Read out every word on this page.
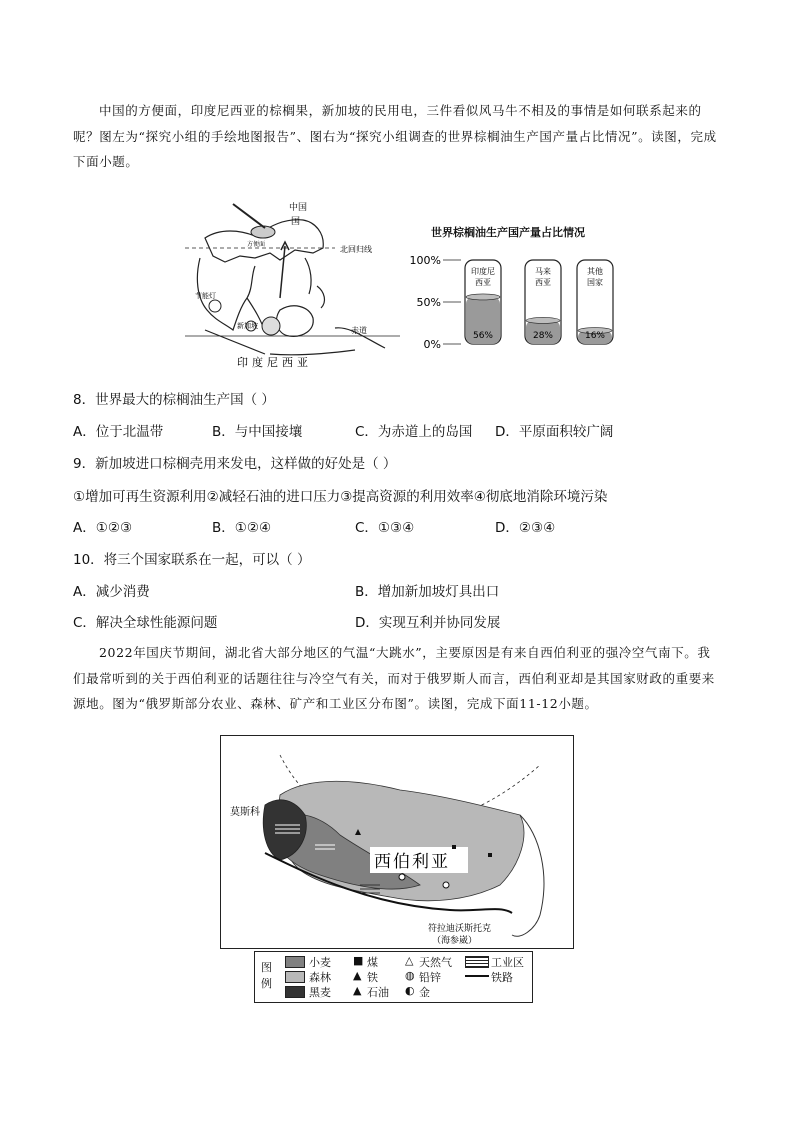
中国的方便面，印度尼西亚的棕榈果，新加坡的民用电，三件看似风马牛不相及的事情是如何联系起来的呢？图左为“探究小组的手绘地图报告”、图右为“探究小组调查的世界棕榈油生产国产量占比情况”。读图，完成下面小题。
北回归线
赤道
中国
国
方便面
节能灯
新加坡
印度尼西亚
世界棕榈油生产国产量占比情况
100%
50%
0%
印度尼
西亚
56%
马来
西亚
28%
其他
国家
16%
8．世界最大的棕榈油生产国（ ）
A．位于北温带	B．与中国接壤	C．为赤道上的岛国 D．平原面积较广阔
9．新加坡进口棕榈壳用来发电，这样做的好处是（ ）
①增加可再生资源利用②减轻石油的进口压力③提高资源的利用效率④彻底地消除环境污染
A．①②③	B．①②④	C．①③④	D．②③④
10．将三个国家联系在一起，可以（ ）
A．减少消费	B．增加新加坡灯具出口
C．解决全球性能源问题	D．实现互利并协同发展
2022年国庆节期间，湖北省大部分地区的气温“大跳水”，主要原因是有来自西伯利亚的强冷空气南下。我们最常听到的关于西伯利亚的话题往往与冷空气有关，而对于俄罗斯人而言，西伯利亚却是其国家财政的重要来源地。图为“俄罗斯部分农业、森林、矿产和工业区分布图”。读图，完成下面11-12小题。
莫斯科
西伯利亚
符拉迪沃斯托克
（海参崴）
图例
小麦
森林
黑麦
■ 煤
▲ 铁
▲ 石油
△ 天然气
◍ 铅锌
◐ 金
工业区
铁路
